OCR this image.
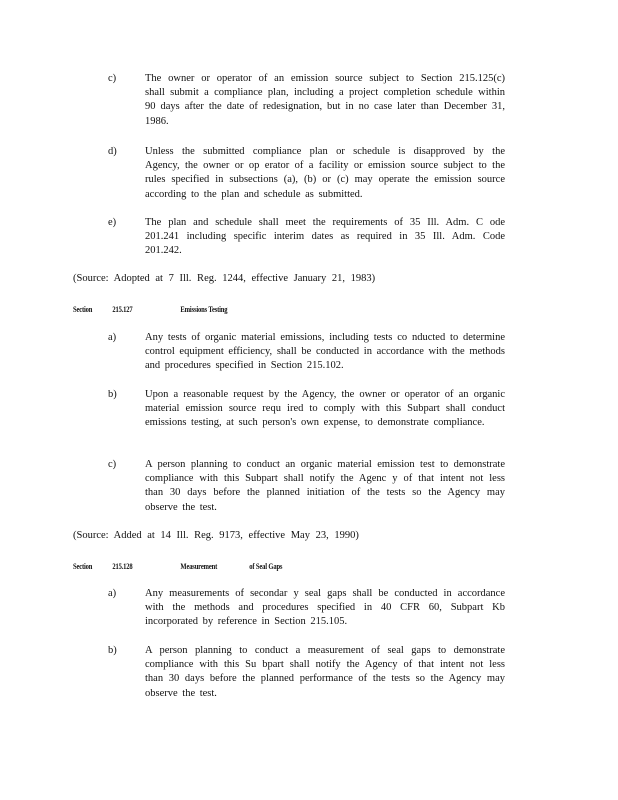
c)	The owner or operator of an emission source subject to Section 215.125(c) shall submit a compliance plan, including a project completion schedule within 90 days after the date of redesignation, but in no case later than December 31, 1986.
d)	Unless the submitted compliance plan or schedule is disapproved by the Agency, the owner or op erator of a facility or emission source subject to the rules specified in subsections (a), (b) or (c) may operate the emission source according to the plan and schedule as submitted.
e)	The plan and schedule shall meet the requirements of 35 Ill. Adm. C ode 201.241 including specific interim dates as required in 35 Ill. Adm. Code 201.242.
(Source: Adopted at 7 Ill. Reg. 1244, effective January 21, 1983)
Section	215.127	Emissions Testing
a)	Any tests of organic material emissions, including tests co nducted to determine control equipment efficiency, shall be conducted in accordance with the methods and procedures specified in Section 215.102.
b)	Upon a reasonable request by the Agency, the owner or operator of an organic material emission source requ ired to comply with this Subpart shall conduct emissions testing, at such person's own expense, to demonstrate compliance.
c)	A person planning to conduct an organic material emission test to demonstrate compliance with this Subpart shall notify the Agenc y of that intent not less than 30 days before the planned initiation of the tests so the Agency may observe the test.
(Source: Added at 14 Ill. Reg. 9173, effective May 23, 1990)
Section	215.128	Measurement	of Seal Gaps
a)	Any measurements of secondar y seal gaps shall be conducted in accordance with the methods and procedures specified in 40 CFR 60, Subpart Kb incorporated by reference in Section 215.105.
b)	A person planning to conduct a measurement of seal gaps to demonstrate compliance with this Su bpart shall notify the Agency of that intent not less than 30 days before the planned performance of the tests so the Agency may observe the test.
